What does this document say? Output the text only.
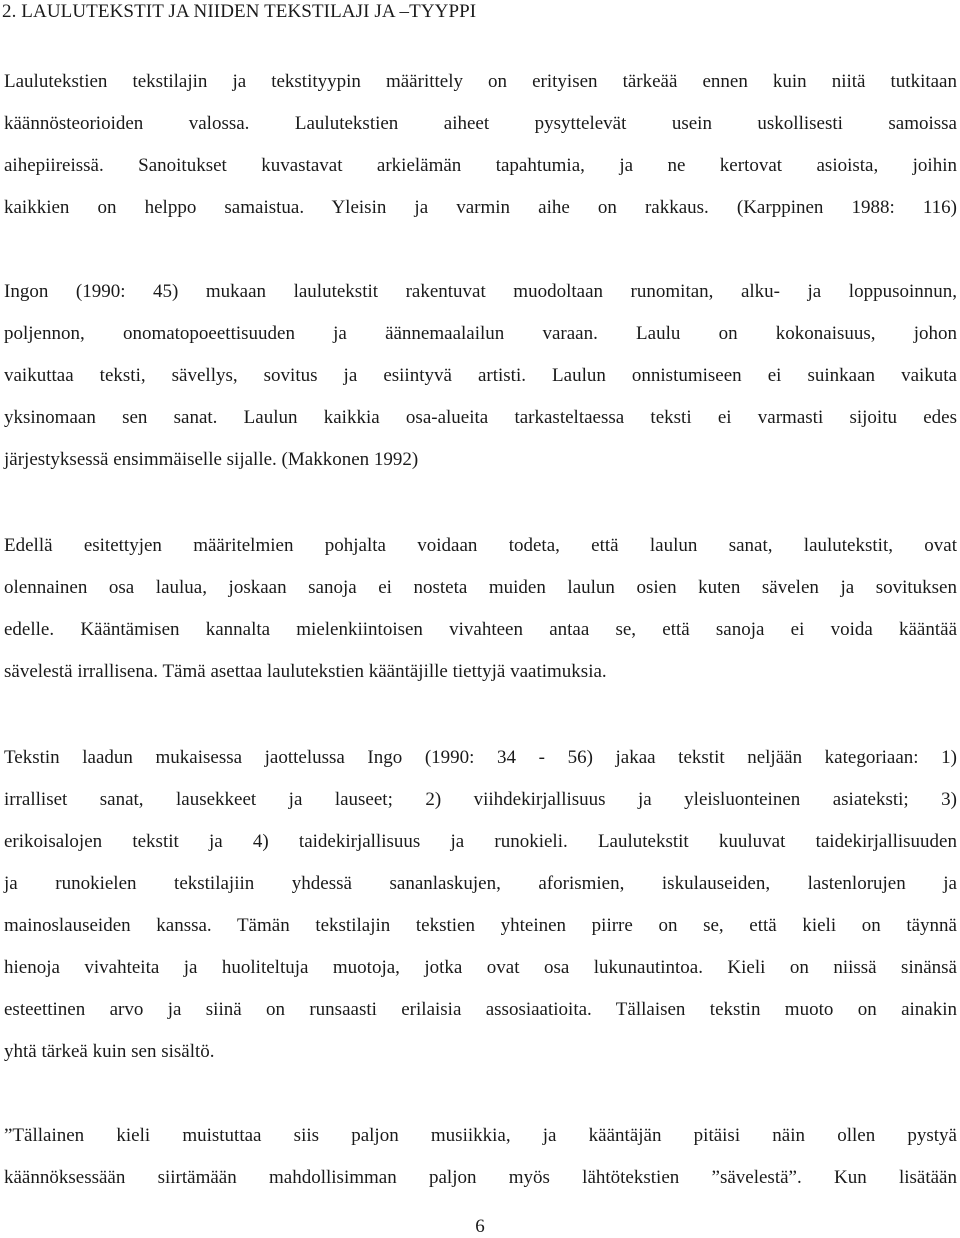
2. LAULUTEKSTIT JA NIIDEN TEKSTILAJI JA –TYYPPI
Laulutekstien tekstilajin ja tekstityypin määrittely on erityisen tärkeää ennen kuin niitä tutkitaan
käännösteorioiden valossa. Laulutekstien aiheet pysyttelevät usein uskollisesti samoissa
aihepiireissä. Sanoitukset kuvastavat arkielämän tapahtumia, ja ne kertovat asioista, joihin
kaikkien on helppo samaistua. Yleisin ja varmin aihe on rakkaus. (Karppinen 1988: 116)
Ingon (1990: 45) mukaan laulutekstit rakentuvat muodoltaan runomitan, alku- ja loppusoinnun,
poljennon, onomatopoeettisuuden ja äännemaalailun varaan. Laulu on kokonaisuus, johon
vaikuttaa teksti, sävellys, sovitus ja esiintyvä artisti. Laulun onnistumiseen ei suinkaan vaikuta
yksinomaan sen sanat. Laulun kaikkia osa-alueita tarkasteltaessa teksti ei varmasti sijoitu edes
järjestyksessä ensimmäiselle sijalle. (Makkonen 1992)
Edellä esitettyjen määritelmien pohjalta voidaan todeta, että laulun sanat, laulutekstit, ovat
olennainen osa laulua, joskaan sanoja ei nosteta muiden laulun osien kuten sävelen ja sovituksen
edelle. Kääntämisen kannalta mielenkiintoisen vivahteen antaa se, että sanoja ei voida kääntää
sävelestä irrallisena. Tämä asettaa laulutekstien kääntäjille tiettyjä vaatimuksia.
Tekstin laadun mukaisessa jaottelussa Ingo (1990: 34 - 56) jakaa tekstit neljään kategoriaan: 1)
irralliset sanat, lausekkeet ja lauseet; 2) viihdekirjallisuus ja yleisluonteinen asiateksti; 3)
erikoisalojen tekstit ja 4) taidekirjallisuus ja runokieli. Laulutekstit kuuluvat taidekirjallisuuden
ja runokielen tekstilajiin yhdessä sananlaskujen, aforismien, iskulauseiden, lastenlorujen ja
mainoslauseiden kanssa. Tämän tekstilajin tekstien yhteinen piirre on se, että kieli on täynnä
hienoja vivahteita ja huoliteltuja muotoja, jotka ovat osa lukunautintoa. Kieli on niissä sinänsä
esteettinen arvo ja siinä on runsaasti erilaisia assosiaatioita. Tällaisen tekstin muoto on ainakin
yhtä tärkeä kuin sen sisältö.
”Tällainen kieli muistuttaa siis paljon musiikkia, ja kääntäjän pitäisi näin ollen pystyä
käännöksessään siirtämään mahdollisimman paljon myös lähtötekstien ”sävelestä”. Kun lisätään

6
